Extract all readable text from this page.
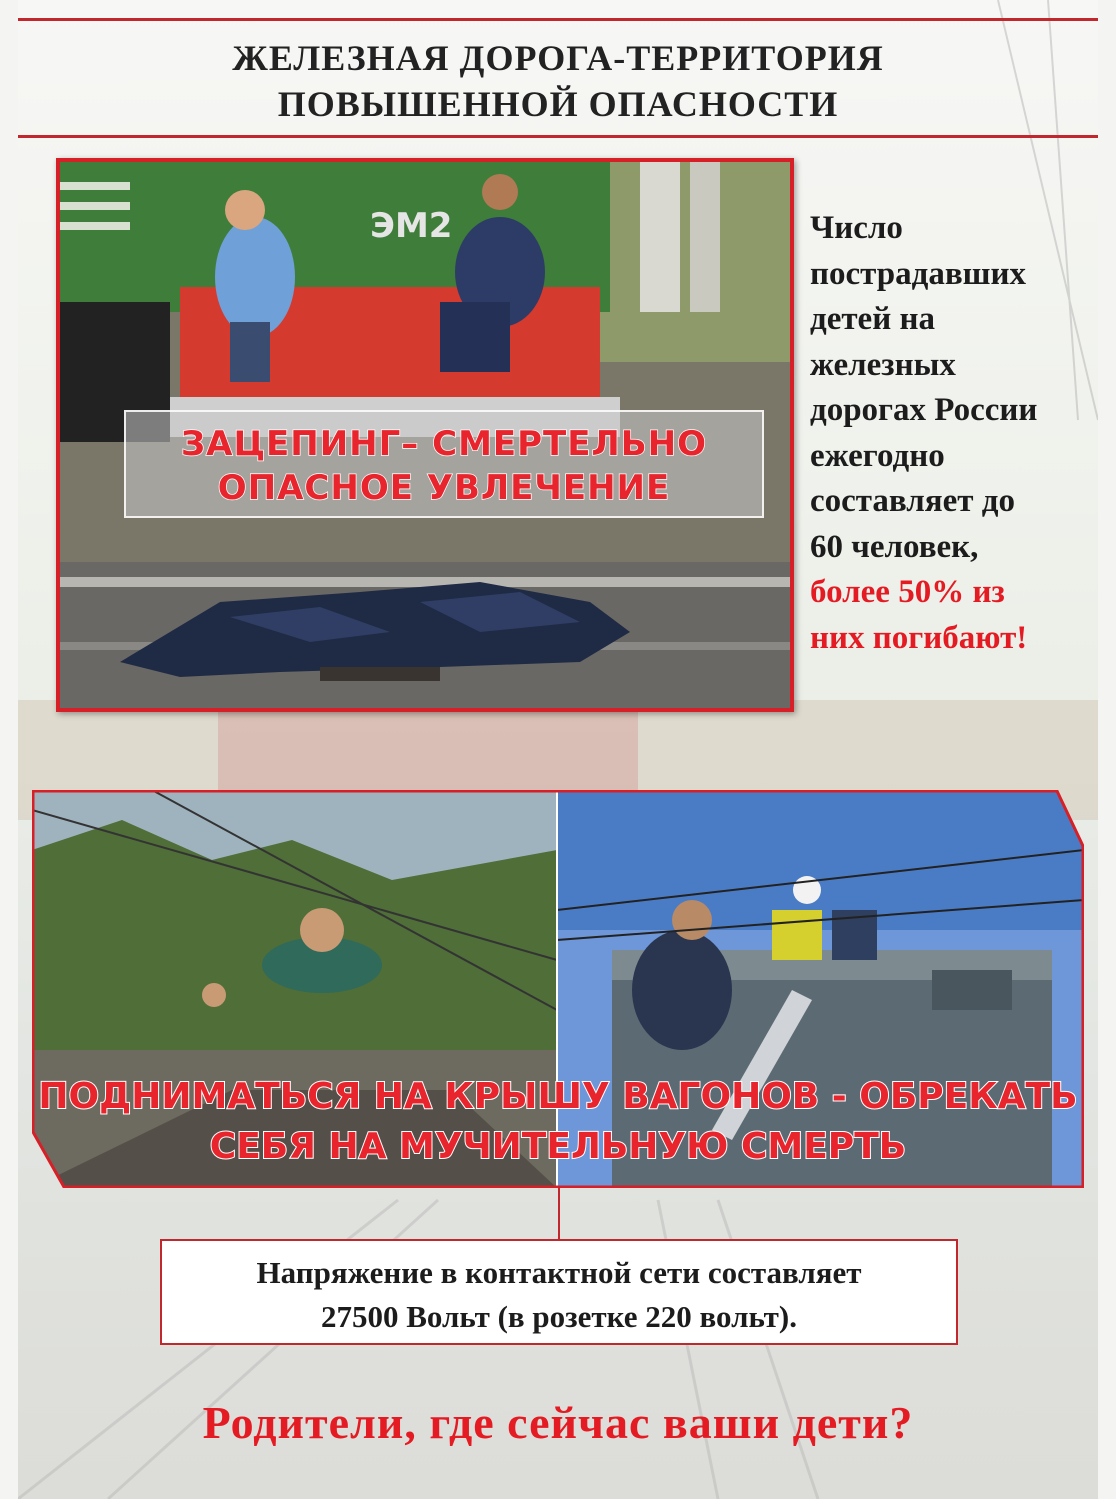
ЖЕЛЕЗНАЯ ДОРОГА-ТЕРРИТОРИЯ
ПОВЫШЕННОЙ ОПАСНОСТИ
ЭМ2
ЗАЦЕПИНГ– СМЕРТЕЛЬНО
ОПАСНОЕ УВЛЕЧЕНИЕ
Число
пострадавших
детей на
железных
дорогах России
ежегодно
составляет до
60 человек,
более 50% из
них погибают!
ПОДНИМАТЬСЯ НА КРЫШУ ВАГОНОВ - ОБРЕКАТЬ
СЕБЯ НА МУЧИТЕЛЬНУЮ СМЕРТЬ
Напряжение в контактной сети составляет
27500 Вольт (в розетке 220 вольт).
Родители, где сейчас ваши дети?
